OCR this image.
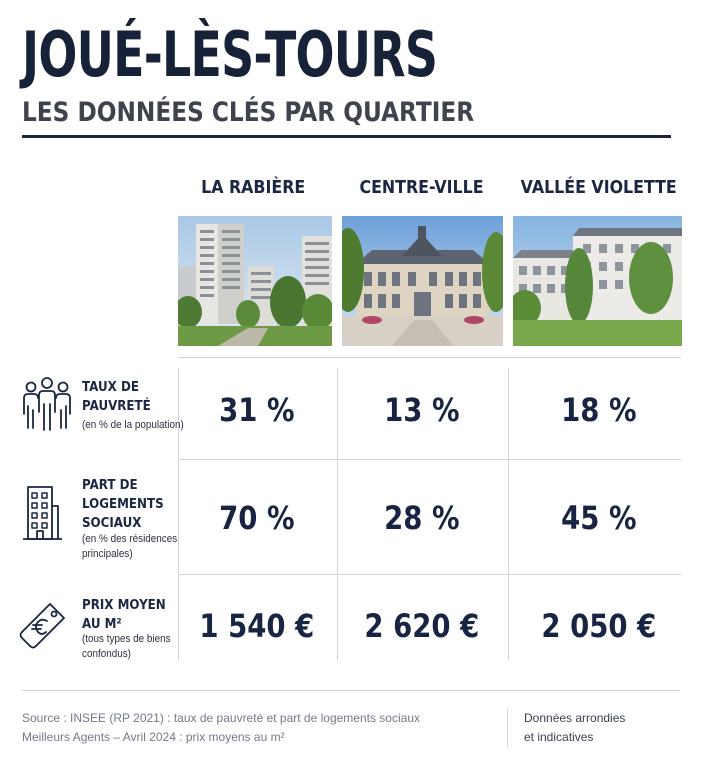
JOUÉ-LÈS-TOURS
LES DONNÉES CLÉS PAR QUARTIER
LA RABIÈRE	CENTRE-VILLE	VALLÉE VIOLETTE
TAUX DE
PAUVRETÉ
(en % de la population)	31 %	13 %	18 %
PART DE
LOGEMENTS
SOCIAUX
(en % des résidences
principales)
70 %	28 %	45 %
PRIX MOYEN
AU M²
(tous types de biens
confondus)
1 540 €	2 620 €	2 050 €
Source : INSEE (RP 2021) : taux de pauvreté et part de logements sociaux
Meilleurs Agents – Avril 2024 : prix moyens au m²
Données arrondies
et indicatives
